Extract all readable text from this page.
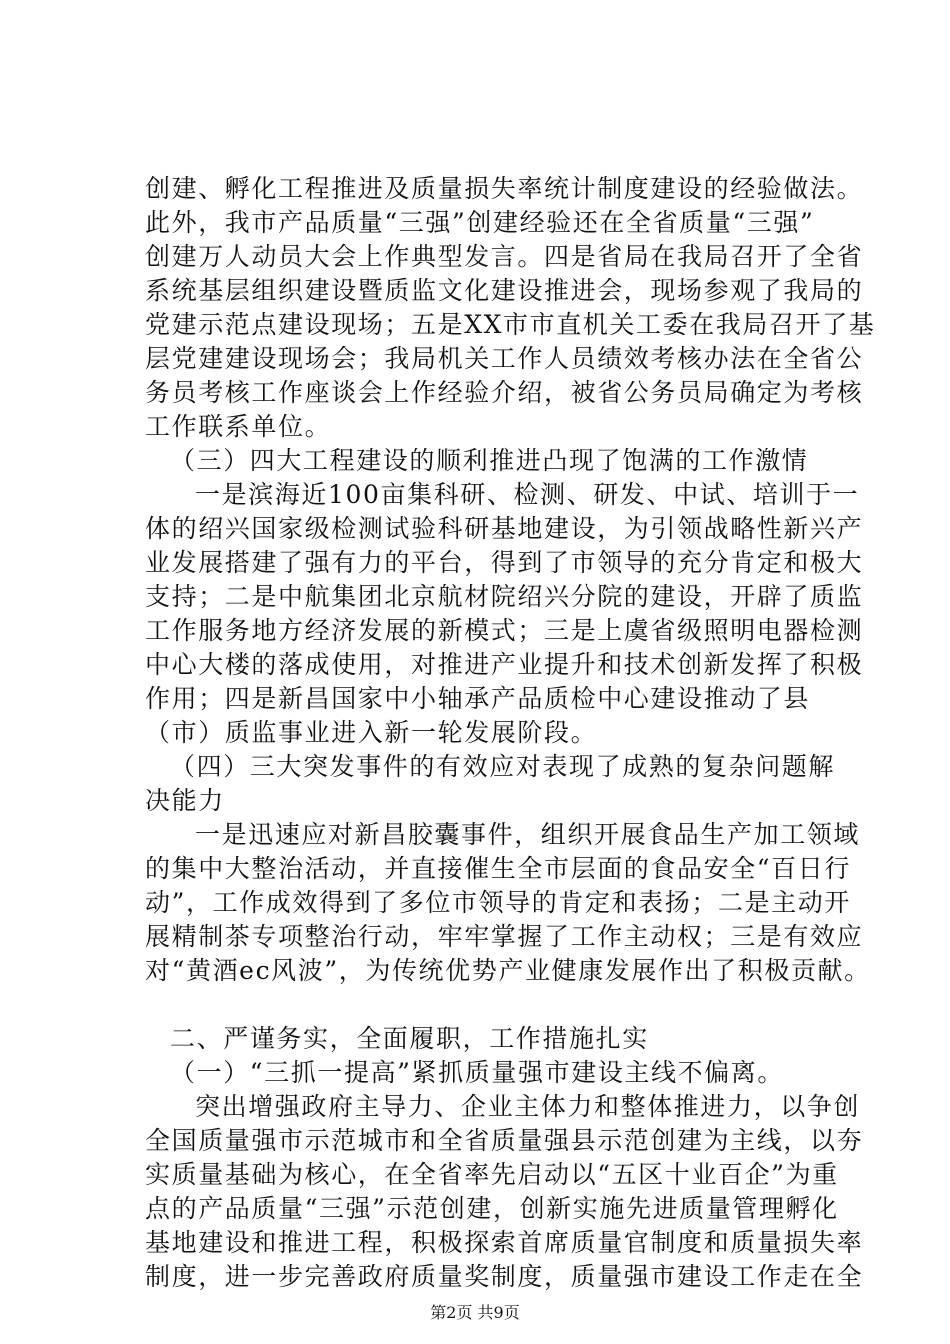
创建、孵化工程推进及质量损失率统计制度建设的经验做法。
此外，我市产品质量“三强”创建经验还在全省质量“三强”
创建万人动员大会上作典型发言。四是省局在我局召开了全省
系统基层组织建设暨质监文化建设推进会，现场参观了我局的
党建示范点建设现场；五是XX市市直机关工委在我局召开了基
层党建建设现场会；我局机关工作人员绩效考核办法在全省公
务员考核工作座谈会上作经验介绍，被省公务员局确定为考核
工作联系单位。
（三）四大工程建设的顺利推进凸现了饱满的工作激情
一是滨海近100亩集科研、检测、研发、中试、培训于一
体的绍兴国家级检测试验科研基地建设，为引领战略性新兴产
业发展搭建了强有力的平台，得到了市领导的充分肯定和极大
支持；二是中航集团北京航材院绍兴分院的建设，开辟了质监
工作服务地方经济发展的新模式；三是上虞省级照明电器检测
中心大楼的落成使用，对推进产业提升和技术创新发挥了积极
作用；四是新昌国家中小轴承产品质检中心建设推动了县
（市）质监事业进入新一轮发展阶段。
（四）三大突发事件的有效应对表现了成熟的复杂问题解
决能力
一是迅速应对新昌胶囊事件，组织开展食品生产加工领域
的集中大整治活动，并直接催生全市层面的食品安全“百日行
动”，工作成效得到了多位市领导的肯定和表扬；二是主动开
展精制茶专项整治行动，牢牢掌握了工作主动权；三是有效应
对“黄酒ec风波”，为传统优势产业健康发展作出了积极贡献。
二、严谨务实，全面履职，工作措施扎实
（一）“三抓一提高”紧抓质量强市建设主线不偏离。
突出增强政府主导力、企业主体力和整体推进力，以争创
全国质量强市示范城市和全省质量强县示范创建为主线，以夯
实质量基础为核心，在全省率先启动以“五区十业百企”为重
点的产品质量“三强”示范创建，创新实施先进质量管理孵化
基地建设和推进工程，积极探索首席质量官制度和质量损失率
制度，进一步完善政府质量奖制度，质量强市建设工作走在全
第2页 共9页
